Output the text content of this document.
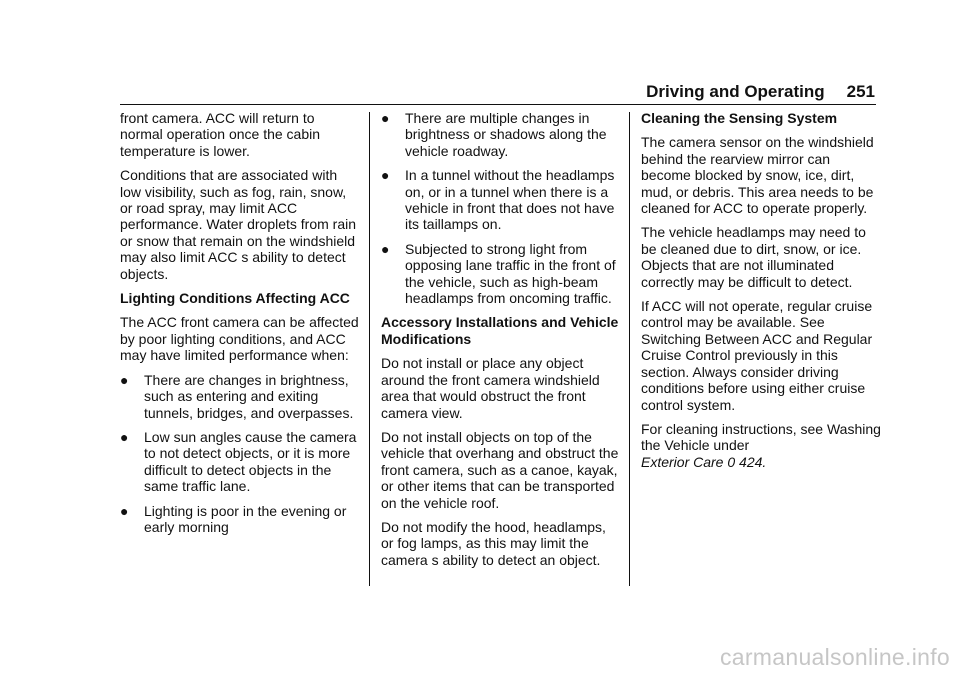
Driving and Operating 251

front camera. ACC will return to normal operation once the cabin temperature is lower.

Conditions that are associated with low visibility, such as fog, rain, snow, or road spray, may limit ACC performance. Water droplets from rain or snow that remain on the windshield may also limit ACC s ability to detect objects.

Lighting Conditions Affecting ACC

The ACC front camera can be affected by poor lighting conditions, and ACC may have limited performance when:

● There are changes in brightness, such as entering and exiting tunnels, bridges, and overpasses.
● Low sun angles cause the camera to not detect objects, or it is more difficult to detect objects in the same traffic lane.
● Lighting is poor in the evening or early morning
● There are multiple changes in brightness or shadows along the vehicle roadway.
● In a tunnel without the headlamps on, or in a tunnel when there is a vehicle in front that does not have its taillamps on.
● Subjected to strong light from opposing lane traffic in the front of the vehicle, such as high-beam headlamps from oncoming traffic.
Accessory Installations and Vehicle Modifications

Do not install or place any object around the front camera windshield area that would obstruct the front camera view.

Do not install objects on top of the vehicle that overhang and obstruct the front camera, such as a canoe, kayak, or other items that can be transported on the vehicle roof.

Do not modify the hood, headlamps, or fog lamps, as this may limit the camera s ability to detect an object.

Cleaning the Sensing System

The camera sensor on the windshield behind the rearview mirror can become blocked by snow, ice, dirt, mud, or debris. This area needs to be cleaned for ACC to operate properly.

The vehicle headlamps may need to be cleaned due to dirt, snow, or ice. Objects that are not illuminated correctly may be difficult to detect.

If ACC will not operate, regular cruise control may be available. See Switching Between ACC and Regular Cruise Control previously in this section. Always consider driving conditions before using either cruise control system.

For cleaning instructions, see Washing the Vehicle under
Exterior Care 0 424.

carmanualsonline.info
